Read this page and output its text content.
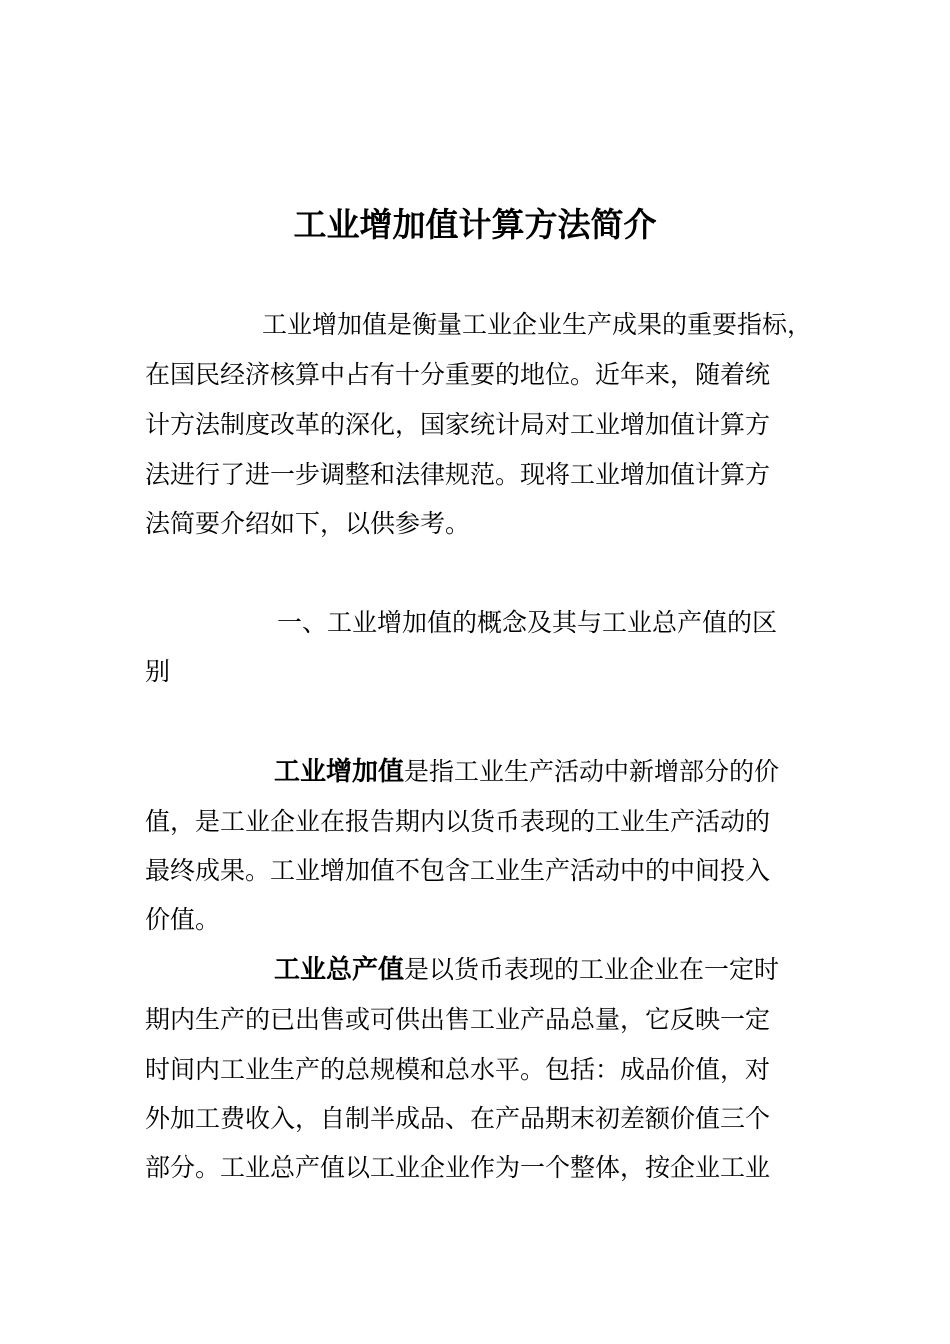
工业增加值计算方法简介

工业增加值是衡量工业企业生产成果的重要指标，

在国民经济核算中占有十分重要的地位。近年来，随着统

计方法制度改革的深化，国家统计局对工业增加值计算方

法进行了进一步调整和法律规范。现将工业增加值计算方

法简要介绍如下，以供参考。

一、工业增加值的概念及其与工业总产值的区

别

工业增加值是指工业生产活动中新增部分的价

值，是工业企业在报告期内以货币表现的工业生产活动的

最终成果。工业增加值不包含工业生产活动中的中间投入

价值。

工业总产值是以货币表现的工业企业在一定时

期内生产的已出售或可供出售工业产品总量，它反映一定

时间内工业生产的总规模和总水平。包括：成品价值，对

外加工费收入，自制半成品、在产品期末初差额价值三个

部分。工业总产值以工业企业作为一个整体，按企业工业
